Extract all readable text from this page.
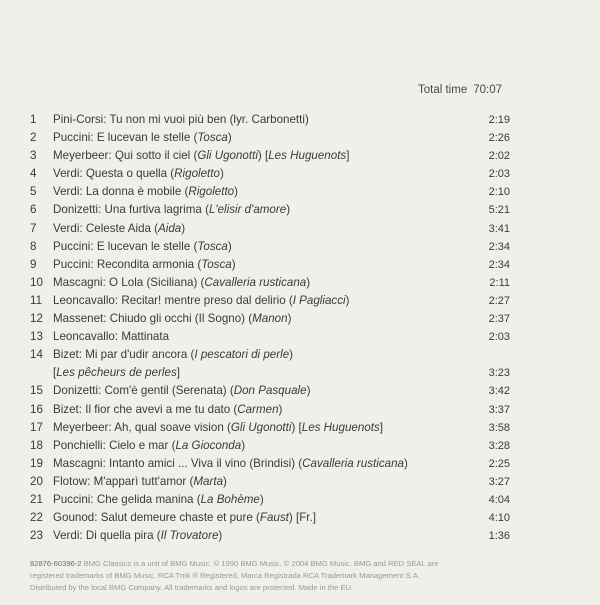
Total time 70:07
1	Pini-Corsi: Tu non mi vuoi più ben (lyr. Carbonetti)	2:19
2	Puccini: E lucevan le stelle (Tosca)	2:26
3	Meyerbeer: Qui sotto il ciel (Gli Ugonotti) [Les Huguenots]	2:02
4	Verdi: Questa o quella (Rigoletto)	2:03
5	Verdi: La donna è mobile (Rigoletto)	2:10
6	Donizetti: Una furtiva lagrima (L'elisir d'amore)	5:21
7	Verdi: Celeste Aida (Aida)	3:41
8	Puccini: E lucevan le stelle (Tosca)	2:34
9	Puccini: Recondita armonia (Tosca)	2:34
10 Mascagni: O Lola (Siciliana) (Cavalleria rusticana)	2:11
11 Leoncavallo: Recitar! mentre preso dal delirio (I Pagliacci)	2:27
12 Massenet: Chiudo gli occhi (Il Sogno) (Manon)	2:37
13 Leoncavallo: Mattinata	2:03
14 Bizet: Mi par d'udir ancora (I pescatori di perle)
[Les pêcheurs de perles]	3:23
15 Donizetti: Com'è gentil (Serenata) (Don Pasquale)	3:42
16 Bizet: Il fior che avevi a me tu dato (Carmen)	3:37
17 Meyerbeer: Ah, qual soave vision (Gli Ugonotti) [Les Huguenots]	3:58
18 Ponchielli: Cielo e mar (La Gioconda)	3:28
19 Mascagni: Intanto amici ... Viva il vino (Brindisi) (Cavalleria rusticana)	2:25
20 Flotow: M'apparì tutt'amor (Marta)	3:27
21 Puccini: Che gelida manina (La Bohème)	4:04
22 Gounod: Salut demeure chaste et pure (Faust) [Fr.]	4:10
23 Verdi: Di quella pira (Il Trovatore)	1:36
82876-60396-2 BMG Classics is a unit of BMG Music. © 1990 BMG Music. © 2004 BMG Music. BMG and RED SEAL are
registered trademarks of BMG Music. RCA Tmk ® Registered, Marca Registrada RCA Trademark Management S.A.
Distributed by the local BMG Company. All trademarks and logos are protected. Made in the EU.
